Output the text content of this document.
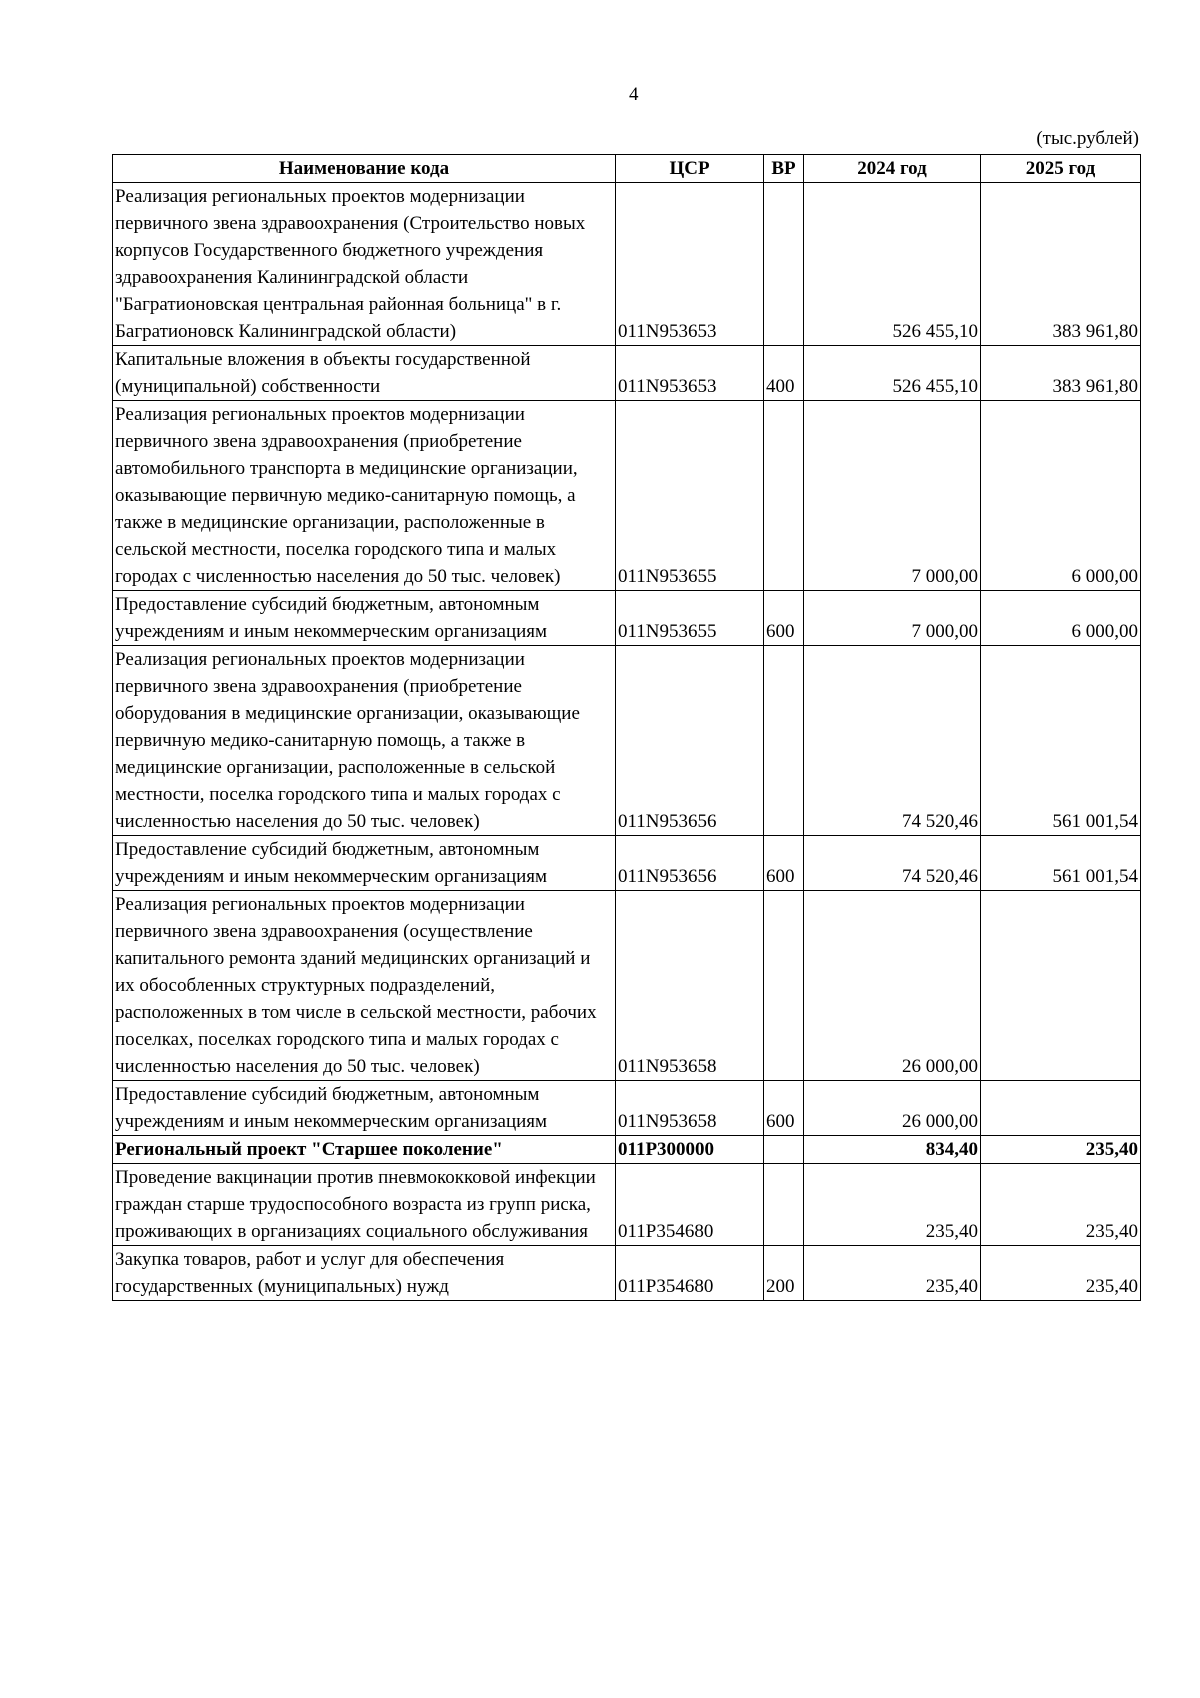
4
(тыс.рублей)
Наименование кода	ЦСР	ВР	2024 год	2025 год
Реализация региональных проектов модернизации первичного звена здравоохранения (Строительство новых корпусов Государственного бюджетного учреждения здравоохранения Калининградской области "Багратионовская центральная районная больница" в г. Багратионовск Калининградской области)	011N953653		526 455,10	383 961,80
Капитальные вложения в объекты государственной (муниципальной) собственности	011N953653	400	526 455,10	383 961,80
Реализация региональных проектов модернизации первичного звена здравоохранения (приобретение автомобильного транспорта в медицинские организации, оказывающие первичную медико-санитарную помощь, а также в медицинские организации, расположенные в сельской местности, поселка городского типа и малых городах с численностью населения до 50 тыс. человек)	011N953655		7 000,00	6 000,00
Предоставление субсидий бюджетным, автономным учреждениям и иным некоммерческим организациям	011N953655	600	7 000,00	6 000,00
Реализация региональных проектов модернизации первичного звена здравоохранения (приобретение оборудования в медицинские организации, оказывающие первичную медико-санитарную помощь, а также в медицинские организации, расположенные в сельской местности, поселка городского типа и малых городах с численностью населения до 50 тыс. человек)	011N953656		74 520,46	561 001,54
Предоставление субсидий бюджетным, автономным учреждениям и иным некоммерческим организациям	011N953656	600	74 520,46	561 001,54
Реализация региональных проектов модернизации первичного звена здравоохранения (осуществление капитального ремонта зданий медицинских организаций и их обособленных структурных подразделений, расположенных в том числе в сельской местности, рабочих поселках, поселках городского типа и малых городах с численностью населения до 50 тыс. человек)	011N953658		26 000,00	
Предоставление субсидий бюджетным, автономным учреждениям и иным некоммерческим организациям	011N953658	600	26 000,00	
Региональный проект "Старшее поколение"	011P300000		834,40	235,40
Проведение вакцинации против пневмококковой инфекции граждан старше трудоспособного возраста из групп риска, проживающих в организациях социального обслуживания	011P354680		235,40	235,40
Закупка товаров, работ и услуг для обеспечения государственных (муниципальных) нужд	011P354680	200	235,40	235,40
